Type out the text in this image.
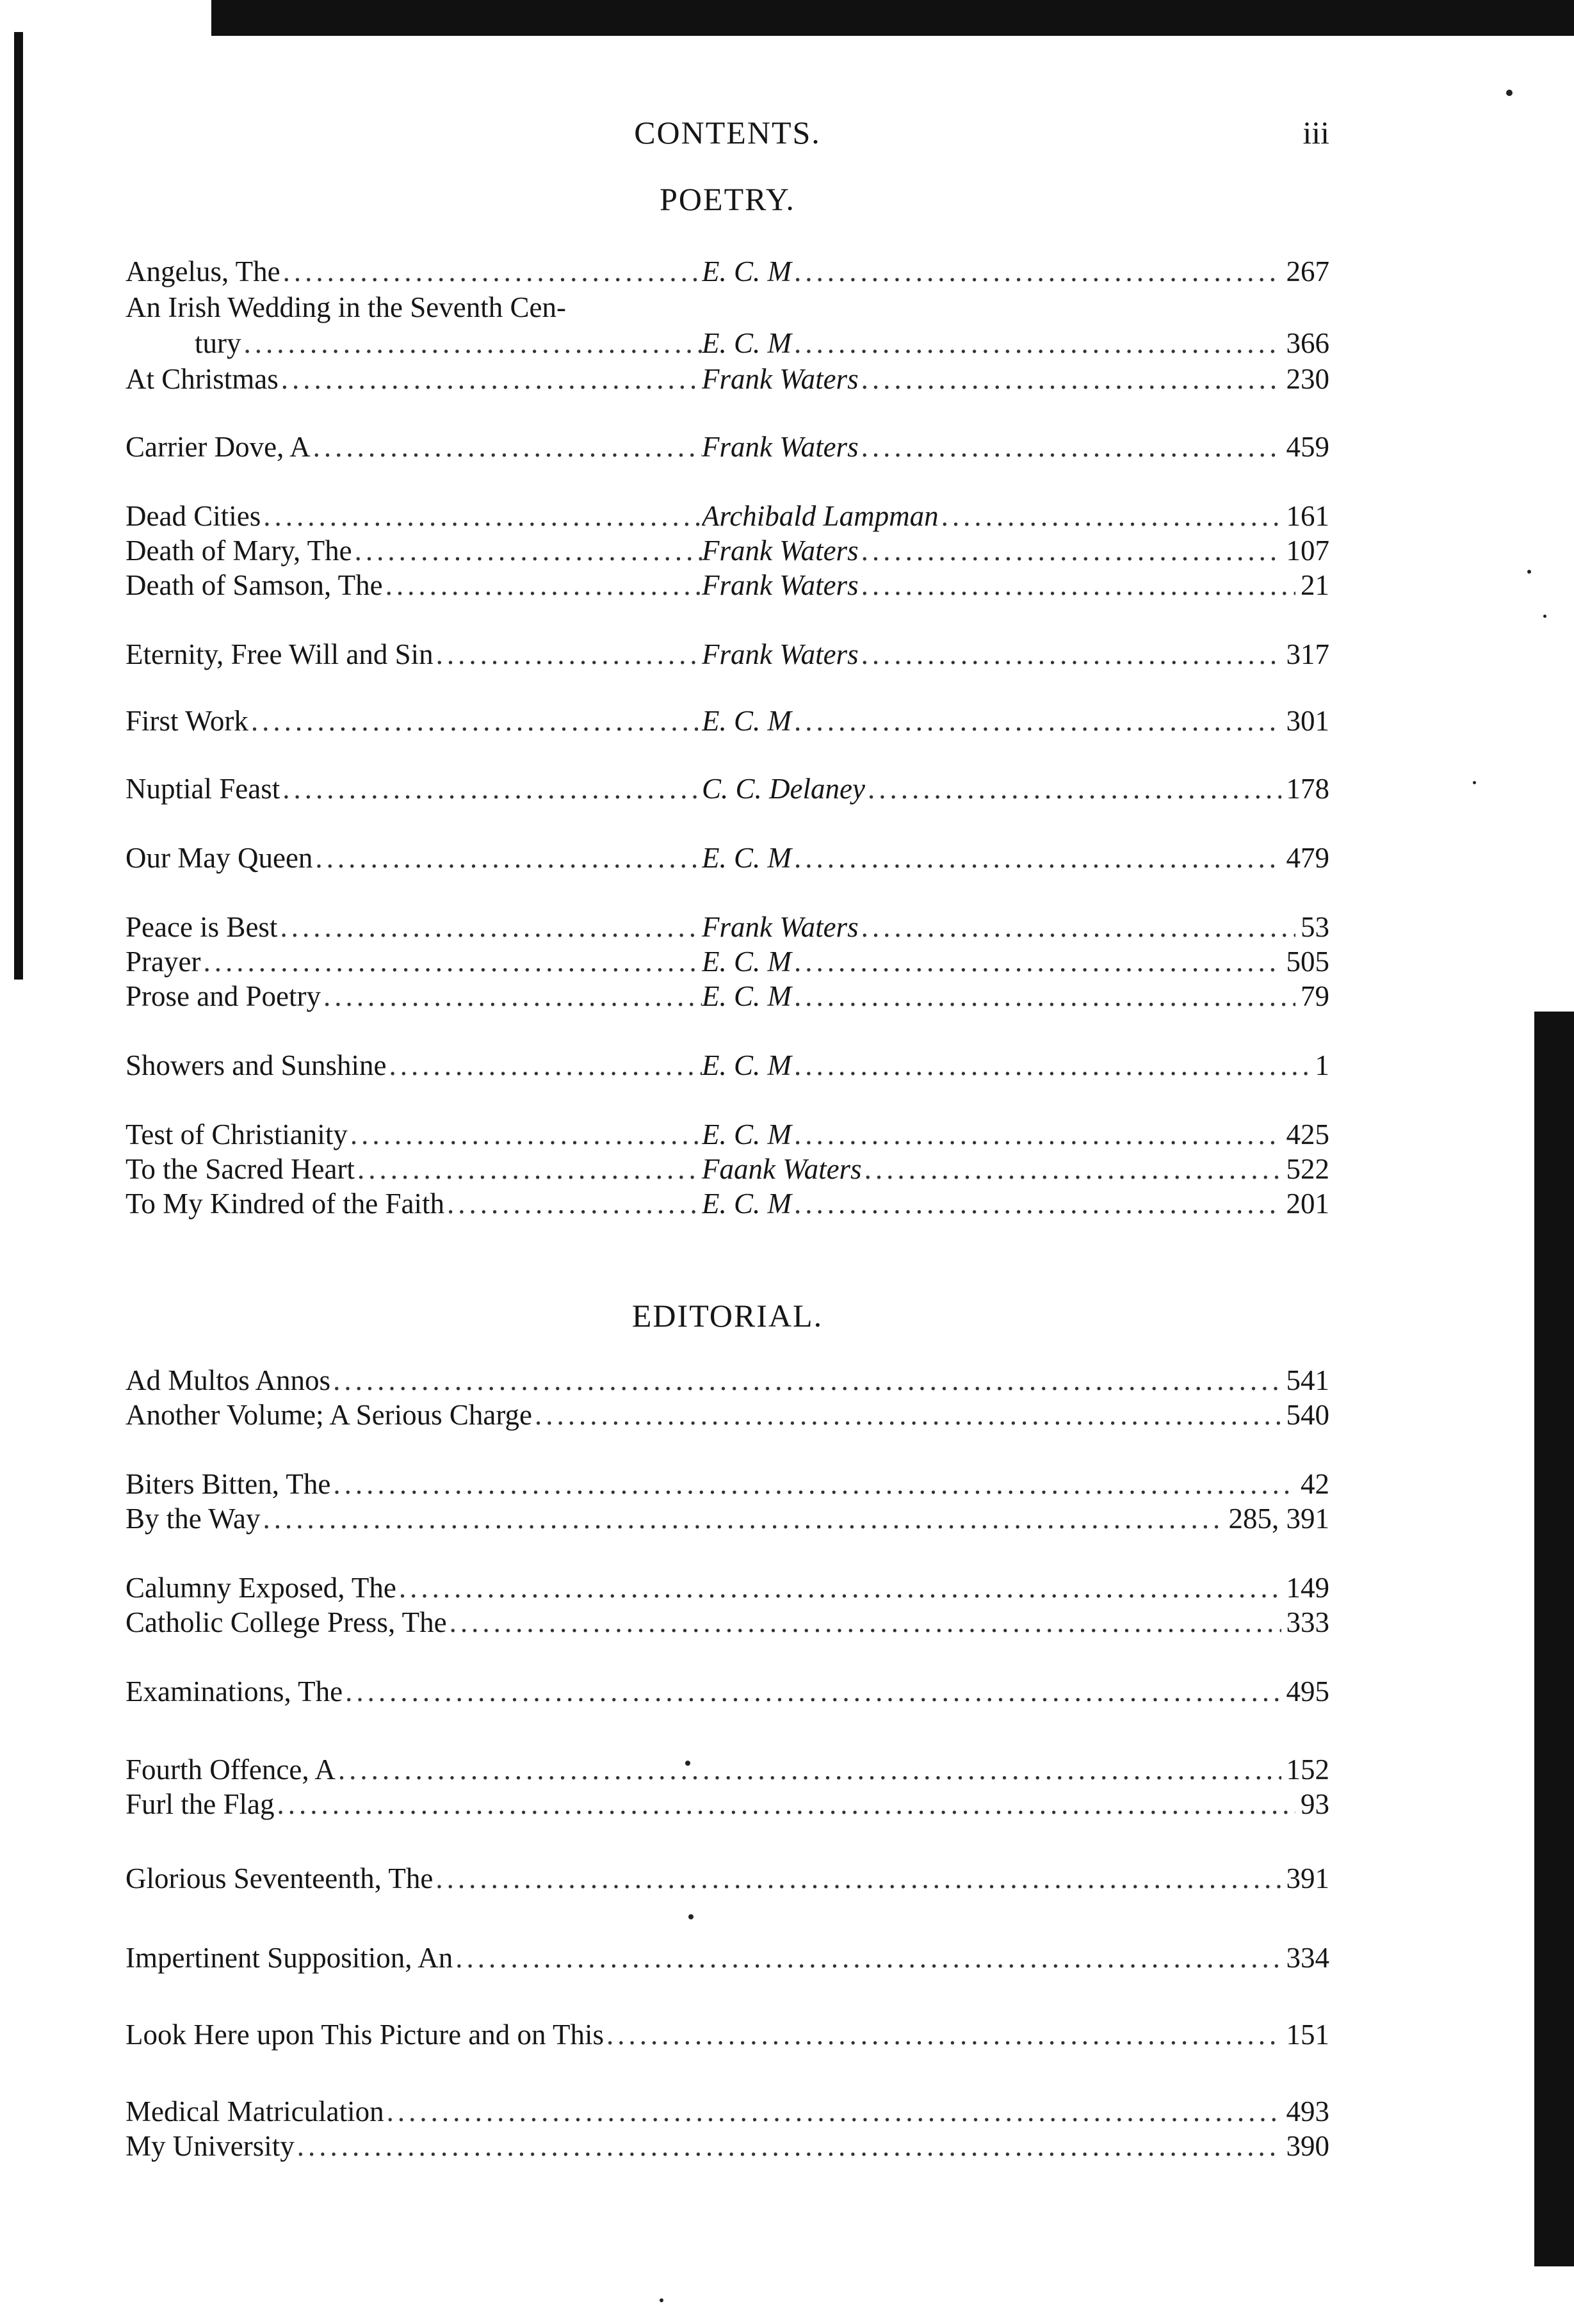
CONTENTS.	iii
POETRY.
Angelus, The .....	E. C. M .....	267
An Irish Wedding in the Seventh Cen-
tury .....	E. C. M .....	366
At Christmas .....	Frank Waters .....	230
Carrier Dove, A .....	Frank Waters .....	459
Dead Cities .....	Archibald Lampman .....	161
Death of Mary, The .....	Frank Waters .....	107
Death of Samson, The .....	Frank Waters .....	21
Eternity, Free Will and Sin .....	Frank Waters .....	317
First Work .....	E. C. M .....	301
Nuptial Feast .....	C. C. Delaney .....	178
Our May Queen .....	E. C. M .....	479
Peace is Best .....	Frank Waters .....	53
Prayer .....	E. C. M .....	505
Prose and Poetry .....	E. C. M .....	79
Showers and Sunshine .....	E. C. M .....	1
Test of Christianity .....	E. C. M .....	425
To the Sacred Heart .....	Faank Waters .....	522
To My Kindred of the Faith .....	E. C. M .....	201
EDITORIAL.
Ad Multos Annos .....	541
Another Volume; A Serious Charge .....	540
Biters Bitten, The .....	42
By the Way .....	285, 391
Calumny Exposed, The .....	149
Catholic College Press, The .....	333
Examinations, The .....	495
Fourth Offence, A .....	152
Furl the Flag .....	93
Glorious Seventeenth, The .....	391
Impertinent Supposition, An .....	334
Look Here upon This Picture and on This .....	151
Medical Matriculation .....	493
My University .....	390
